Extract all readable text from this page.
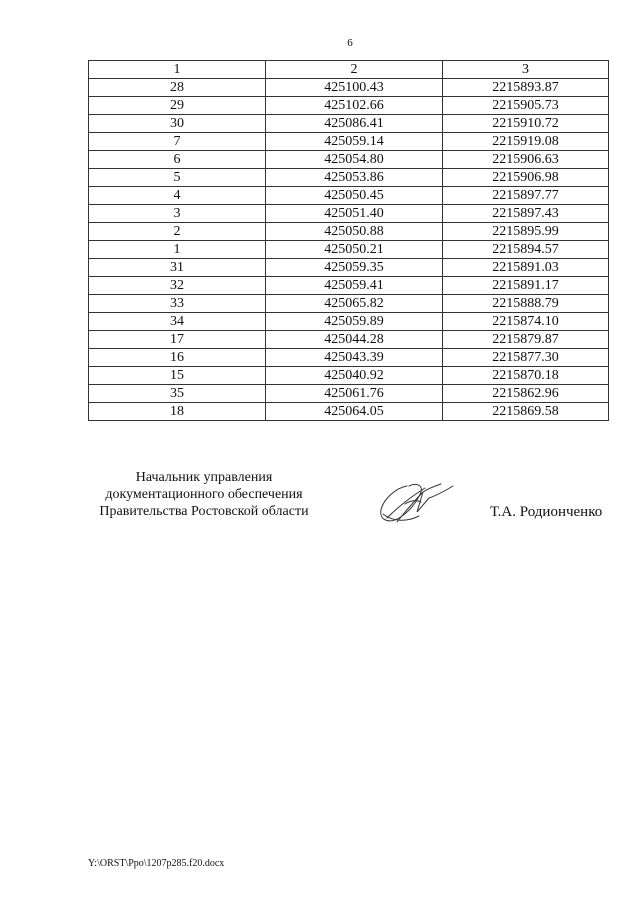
6
1	2	3
28	425100.43	2215893.87
29	425102.66	2215905.73
30	425086.41	2215910.72
7	425059.14	2215919.08
6	425054.80	2215906.63
5	425053.86	2215906.98
4	425050.45	2215897.77
3	425051.40	2215897.43
2	425050.88	2215895.99
1	425050.21	2215894.57
31	425059.35	2215891.03
32	425059.41	2215891.17
33	425065.82	2215888.79
34	425059.89	2215874.10
17	425044.28	2215879.87
16	425043.39	2215877.30
15	425040.92	2215870.18
35	425061.76	2215862.96
18	425064.05	2215869.58
Начальник управления
документационного обеспечения
Правительства Ростовской области	Т.А. Родионченко
Y:\ORST\Ppo\1207p285.f20.docx
